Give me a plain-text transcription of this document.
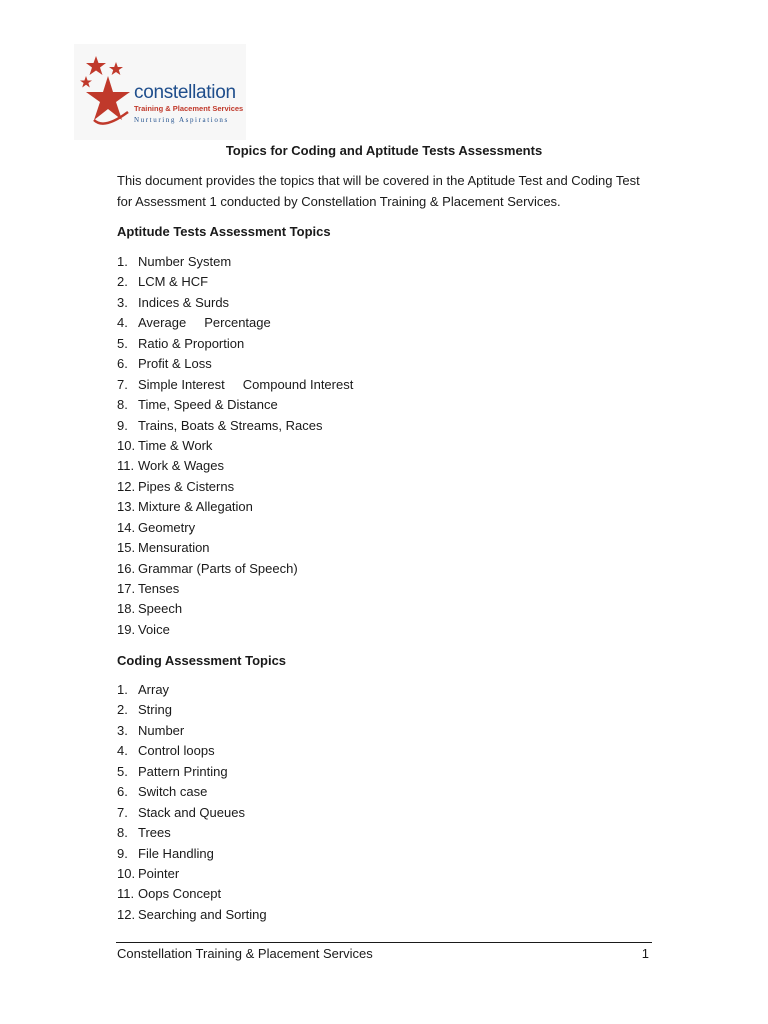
constellation
Training & Placement Services
Nurturing Aspirations
Topics for Coding and Aptitude Tests Assessments
This document provides the topics that will be covered in the Aptitude Test and Coding Test for Assessment 1 conducted by Constellation Training & Placement Services.
Aptitude Tests Assessment Topics
1. Number System
2. LCM & HCF
3. Indices & Surds
4. Average     Percentage
5. Ratio & Proportion
6. Profit & Loss
7. Simple Interest     Compound Interest
8. Time, Speed & Distance
9. Trains, Boats & Streams, Races
10. Time & Work
11. Work & Wages
12. Pipes & Cisterns
13. Mixture & Allegation
14. Geometry
15. Mensuration
16. Grammar (Parts of Speech)
17. Tenses
18. Speech
19. Voice
Coding Assessment Topics
1. Array
2. String
3. Number
4. Control loops
5. Pattern Printing
6. Switch case
7. Stack and Queues
8. Trees
9. File Handling
10. Pointer
11. Oops Concept
12. Searching and Sorting
Constellation Training & Placement Services	1
